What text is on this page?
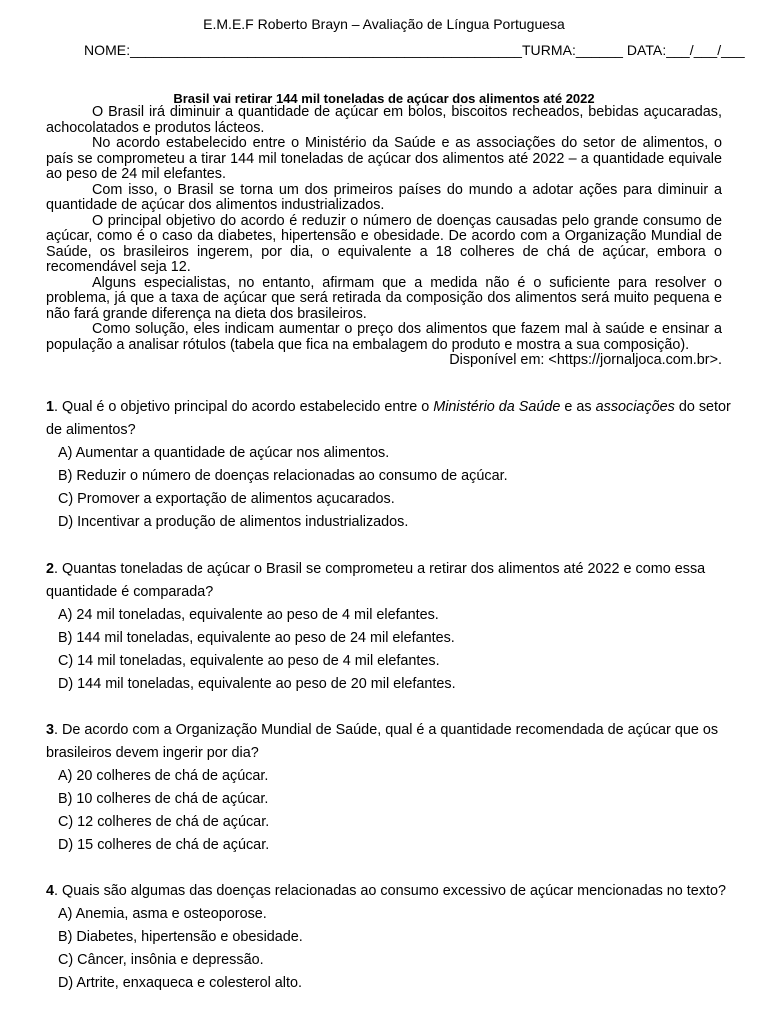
E.M.E.F Roberto Brayn – Avaliação de Língua Portuguesa
NOME:__________________________________________________TURMA:______ DATA:___/___/___
Brasil vai retirar 144 mil toneladas de açúcar dos alimentos até 2022

O Brasil irá diminuir a quantidade de açúcar em bolos, biscoitos recheados, bebidas açucaradas, achocolatados e produtos lácteos.

No acordo estabelecido entre o Ministério da Saúde e as associações do setor de alimentos, o país se comprometeu a tirar 144 mil toneladas de açúcar dos alimentos até 2022 – a quantidade equivale ao peso de 24 mil elefantes.

Com isso, o Brasil se torna um dos primeiros países do mundo a adotar ações para diminuir a quantidade de açúcar dos alimentos industrializados.

O principal objetivo do acordo é reduzir o número de doenças causadas pelo grande consumo de açúcar, como é o caso da diabetes, hipertensão e obesidade. De acordo com a Organização Mundial de Saúde, os brasileiros ingerem, por dia, o equivalente a 18 colheres de chá de açúcar, embora o recomendável seja 12.

Alguns especialistas, no entanto, afirmam que a medida não é o suficiente para resolver o problema, já que a taxa de açúcar que será retirada da composição dos alimentos será muito pequena e não fará grande diferença na dieta dos brasileiros.

Como solução, eles indicam aumentar o preço dos alimentos que fazem mal à saúde e ensinar a população a analisar rótulos (tabela que fica na embalagem do produto e mostra a sua composição).

Disponível em: <https://jornaljoca.com.br>.

1. Qual é o objetivo principal do acordo estabelecido entre o Ministério da Saúde e as associações do setor de alimentos?

A) Aumentar a quantidade de açúcar nos alimentos.
B) Reduzir o número de doenças relacionadas ao consumo de açúcar.
C) Promover a exportação de alimentos açucarados.
D) Incentivar a produção de alimentos industrializados.

2. Quantas toneladas de açúcar o Brasil se comprometeu a retirar dos alimentos até 2022 e como essa quantidade é comparada?

A) 24 mil toneladas, equivalente ao peso de 4 mil elefantes.
B) 144 mil toneladas, equivalente ao peso de 24 mil elefantes.
C) 14 mil toneladas, equivalente ao peso de 4 mil elefantes.
D) 144 mil toneladas, equivalente ao peso de 20 mil elefantes.

3. De acordo com a Organização Mundial de Saúde, qual é a quantidade recomendada de açúcar que os brasileiros devem ingerir por dia?

A) 20 colheres de chá de açúcar.
B) 10 colheres de chá de açúcar.
C) 12 colheres de chá de açúcar.
D) 15 colheres de chá de açúcar.

4. Quais são algumas das doenças relacionadas ao consumo excessivo de açúcar mencionadas no texto?

A) Anemia, asma e osteoporose.
B) Diabetes, hipertensão e obesidade.
C) Câncer, insônia e depressão.
D) Artrite, enxaqueca e colesterol alto.
